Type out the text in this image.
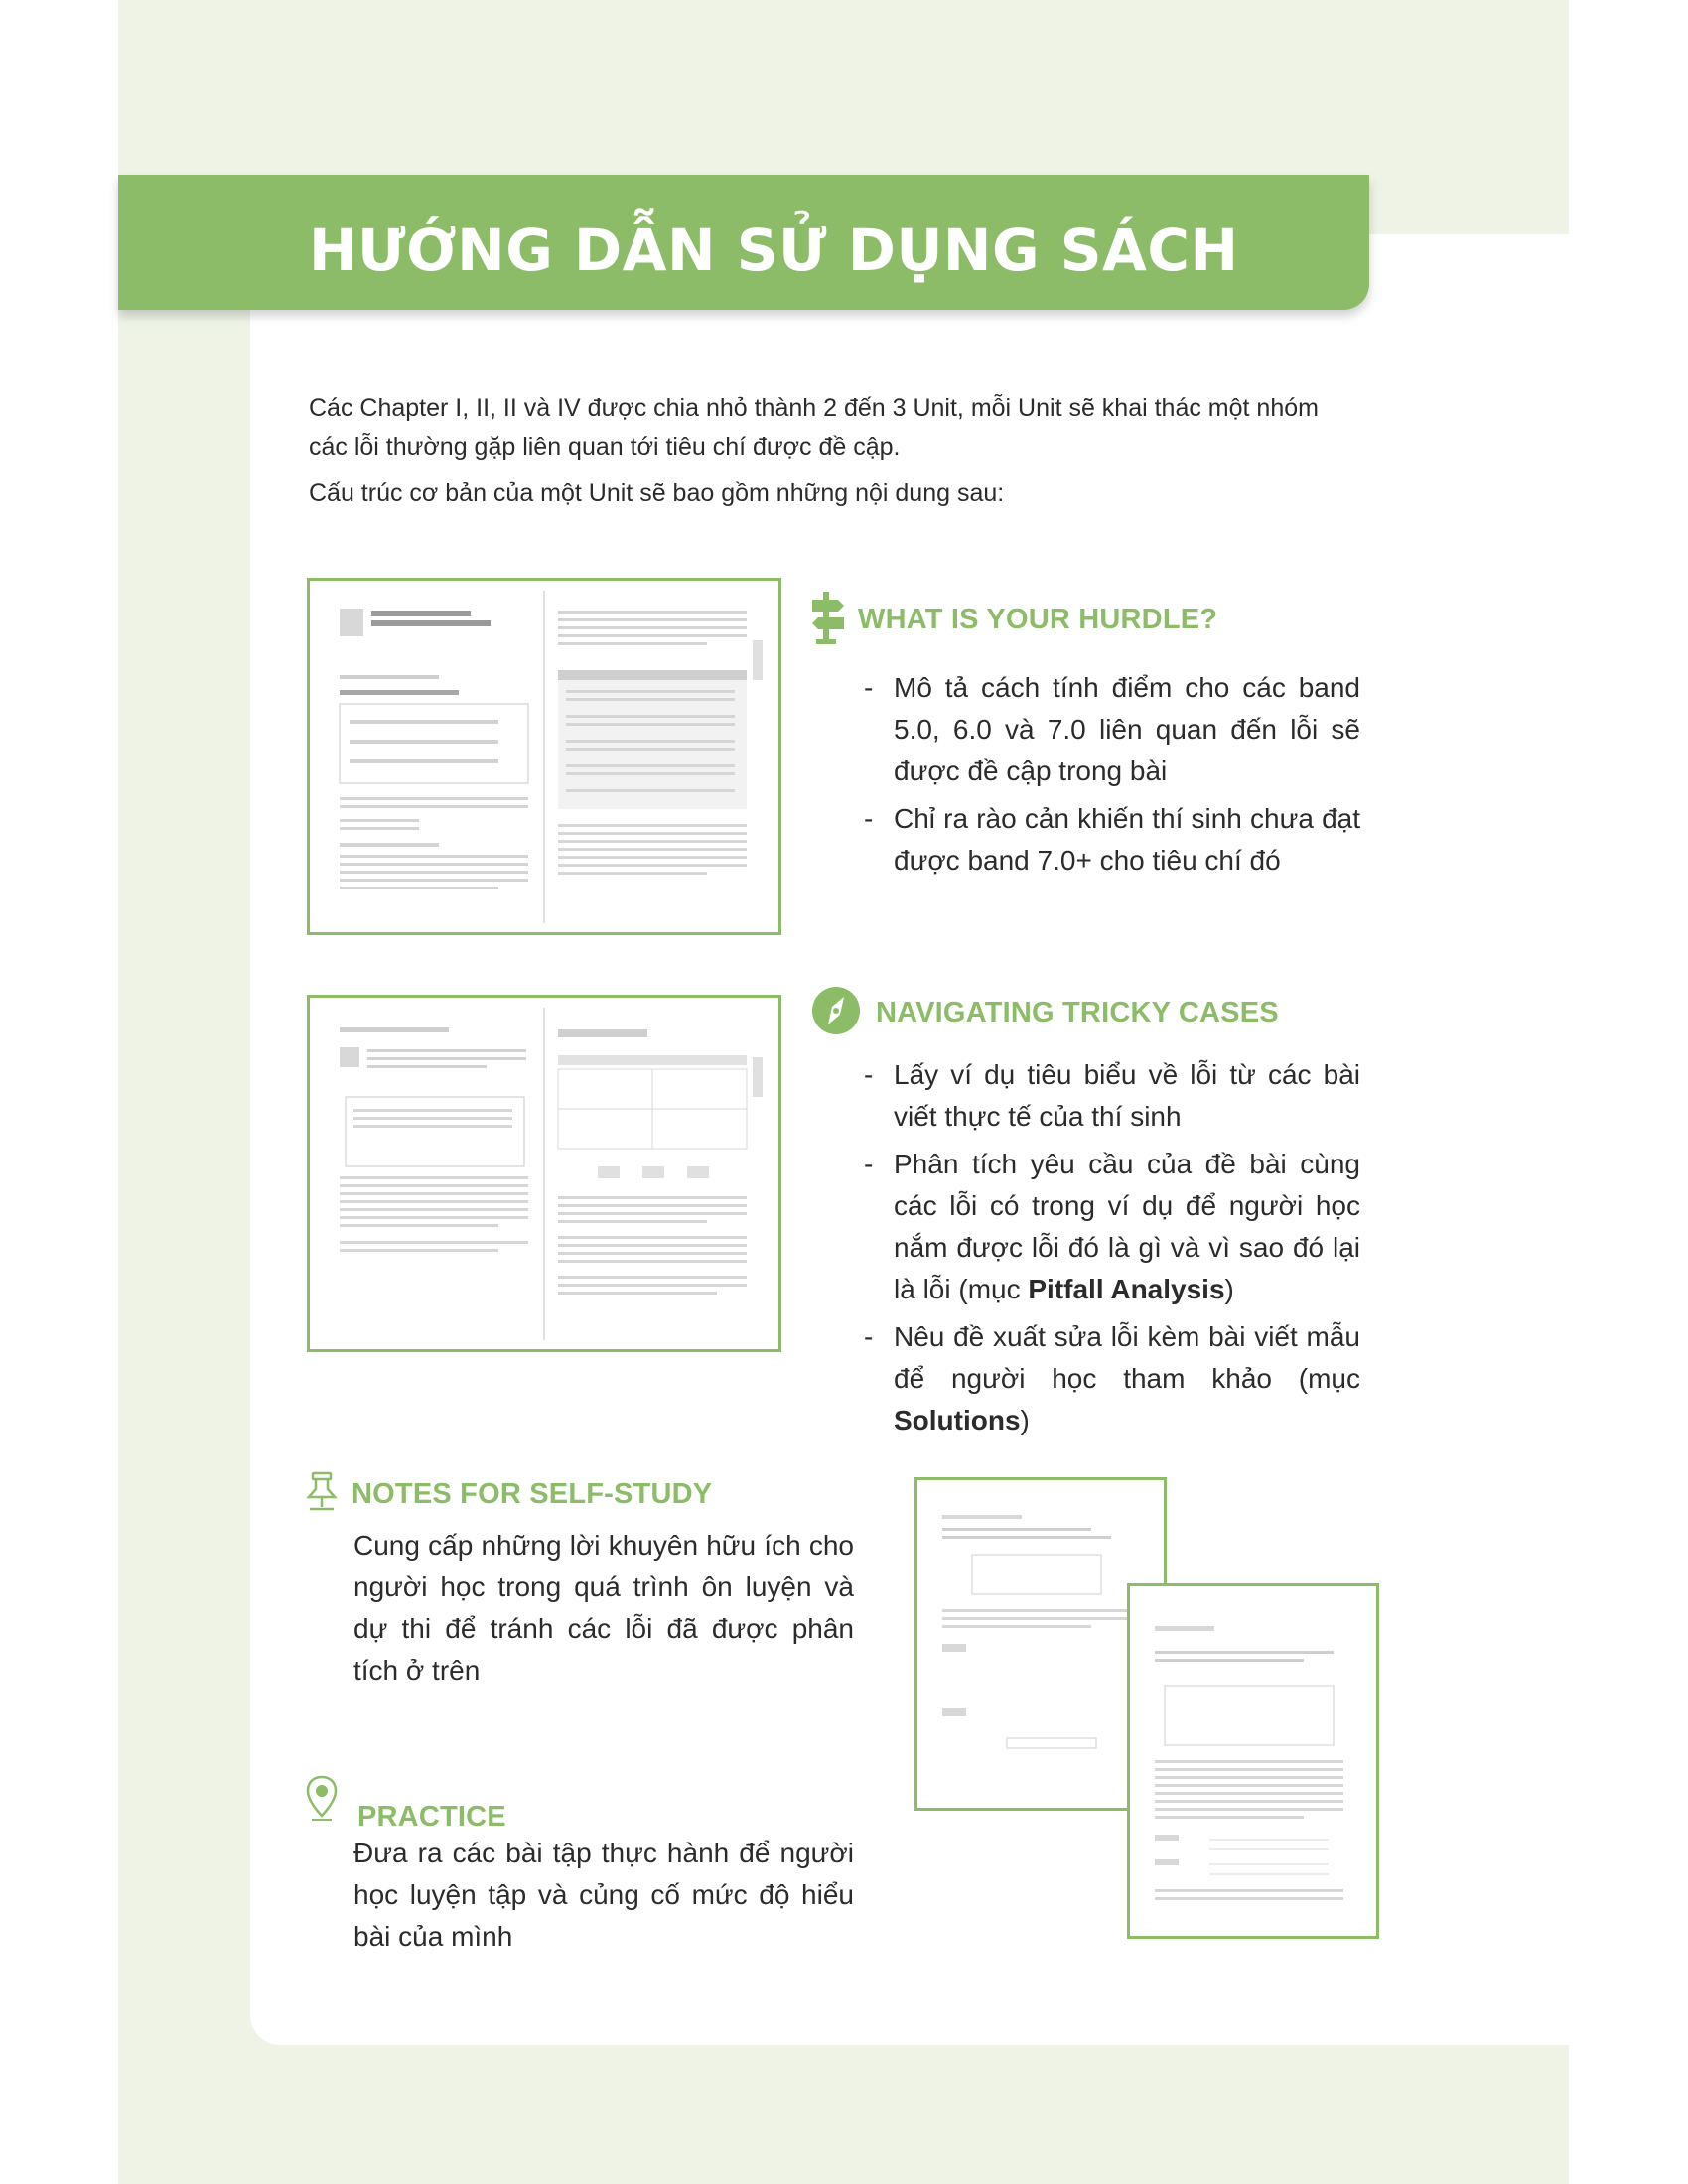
HƯỚNG DẪN SỬ DỤNG SÁCH

Các Chapter I, II, II và IV được chia nhỏ thành 2 đến 3 Unit, mỗi Unit sẽ khai thác một nhóm các lỗi thường gặp liên quan tới tiêu chí được đề cập.

Cấu trúc cơ bản của một Unit sẽ bao gồm những nội dung sau:

WHAT IS YOUR HURDLE?
- Mô tả cách tính điểm cho các band 5.0, 6.0 và 7.0 liên quan đến lỗi sẽ được đề cập trong bài
- Chỉ ra rào cản khiến thí sinh chưa đạt được band 7.0+ cho tiêu chí đó
NAVIGATING TRICKY CASES
- Lấy ví dụ tiêu biểu về lỗi từ các bài viết thực tế của thí sinh
- Phân tích yêu cầu của đề bài cùng các lỗi có trong ví dụ để người học nắm được lỗi đó là gì và vì sao đó lại là lỗi (mục Pitfall Analysis)
- Nêu đề xuất sửa lỗi kèm bài viết mẫu để người học tham khảo (mục Solutions)
NOTES FOR SELF-STUDY
Cung cấp những lời khuyên hữu ích cho người học trong quá trình ôn luyện và dự thi để tránh các lỗi đã được phân tích ở trên
PRACTICE
Đưa ra các bài tập thực hành để người học luyện tập và củng cố mức độ hiểu bài của mình
